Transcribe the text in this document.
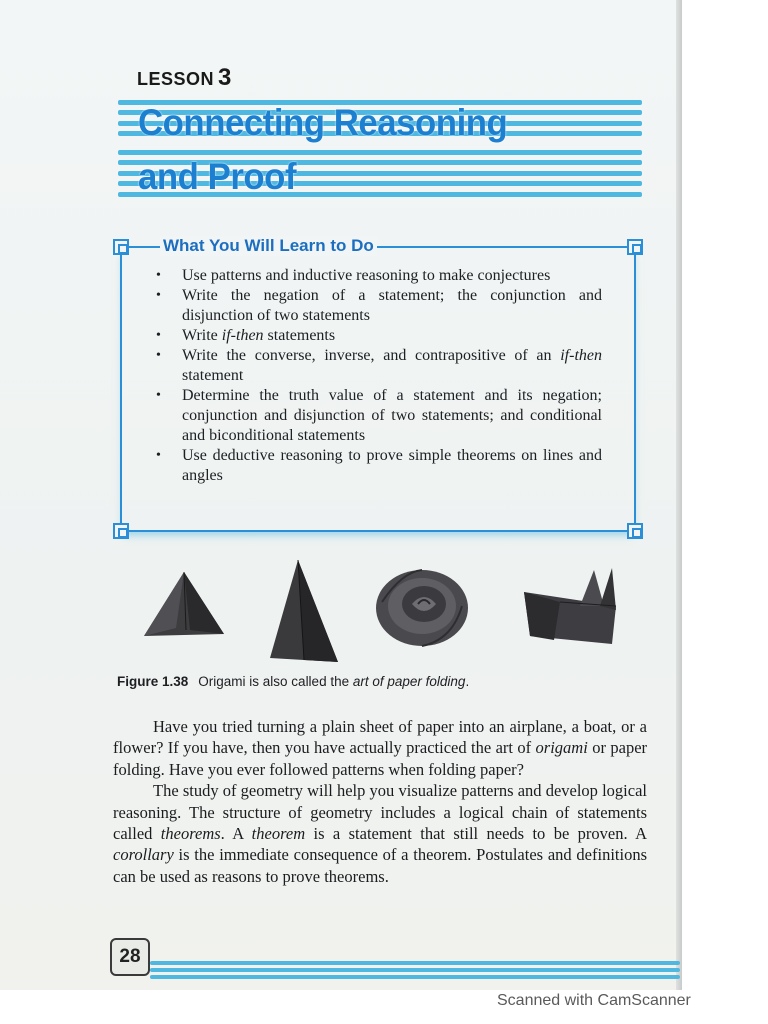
LESSON 3
Connecting Reasoning
and Proof
What You Will Learn to Do
• Use patterns and inductive reasoning to make conjectures
• Write the negation of a statement; the conjunction and disjunction of two statements
• Write if-then statements
• Write the converse, inverse, and contrapositive of an if-then statement
• Determine the truth value of a statement and its negation; conjunction and disjunction of two statements; and conditional and biconditional statements
• Use deductive reasoning to prove simple theorems on lines and angles
Figure 1.38 Origami is also called the art of paper folding.

Have you tried turning a plain sheet of paper into an airplane, a boat, or a flower? If you have, then you have actually practiced the art of origami or paper folding. Have you ever followed patterns when folding paper?

The study of geometry will help you visualize patterns and develop logical reasoning. The structure of geometry includes a logical chain of statements called theorems. A theorem is a statement that still needs to be proven. A corollary is the immediate consequence of a theorem. Postulates and definitions can be used as reasons to prove theorems.

28
Scanned with CamScanner
